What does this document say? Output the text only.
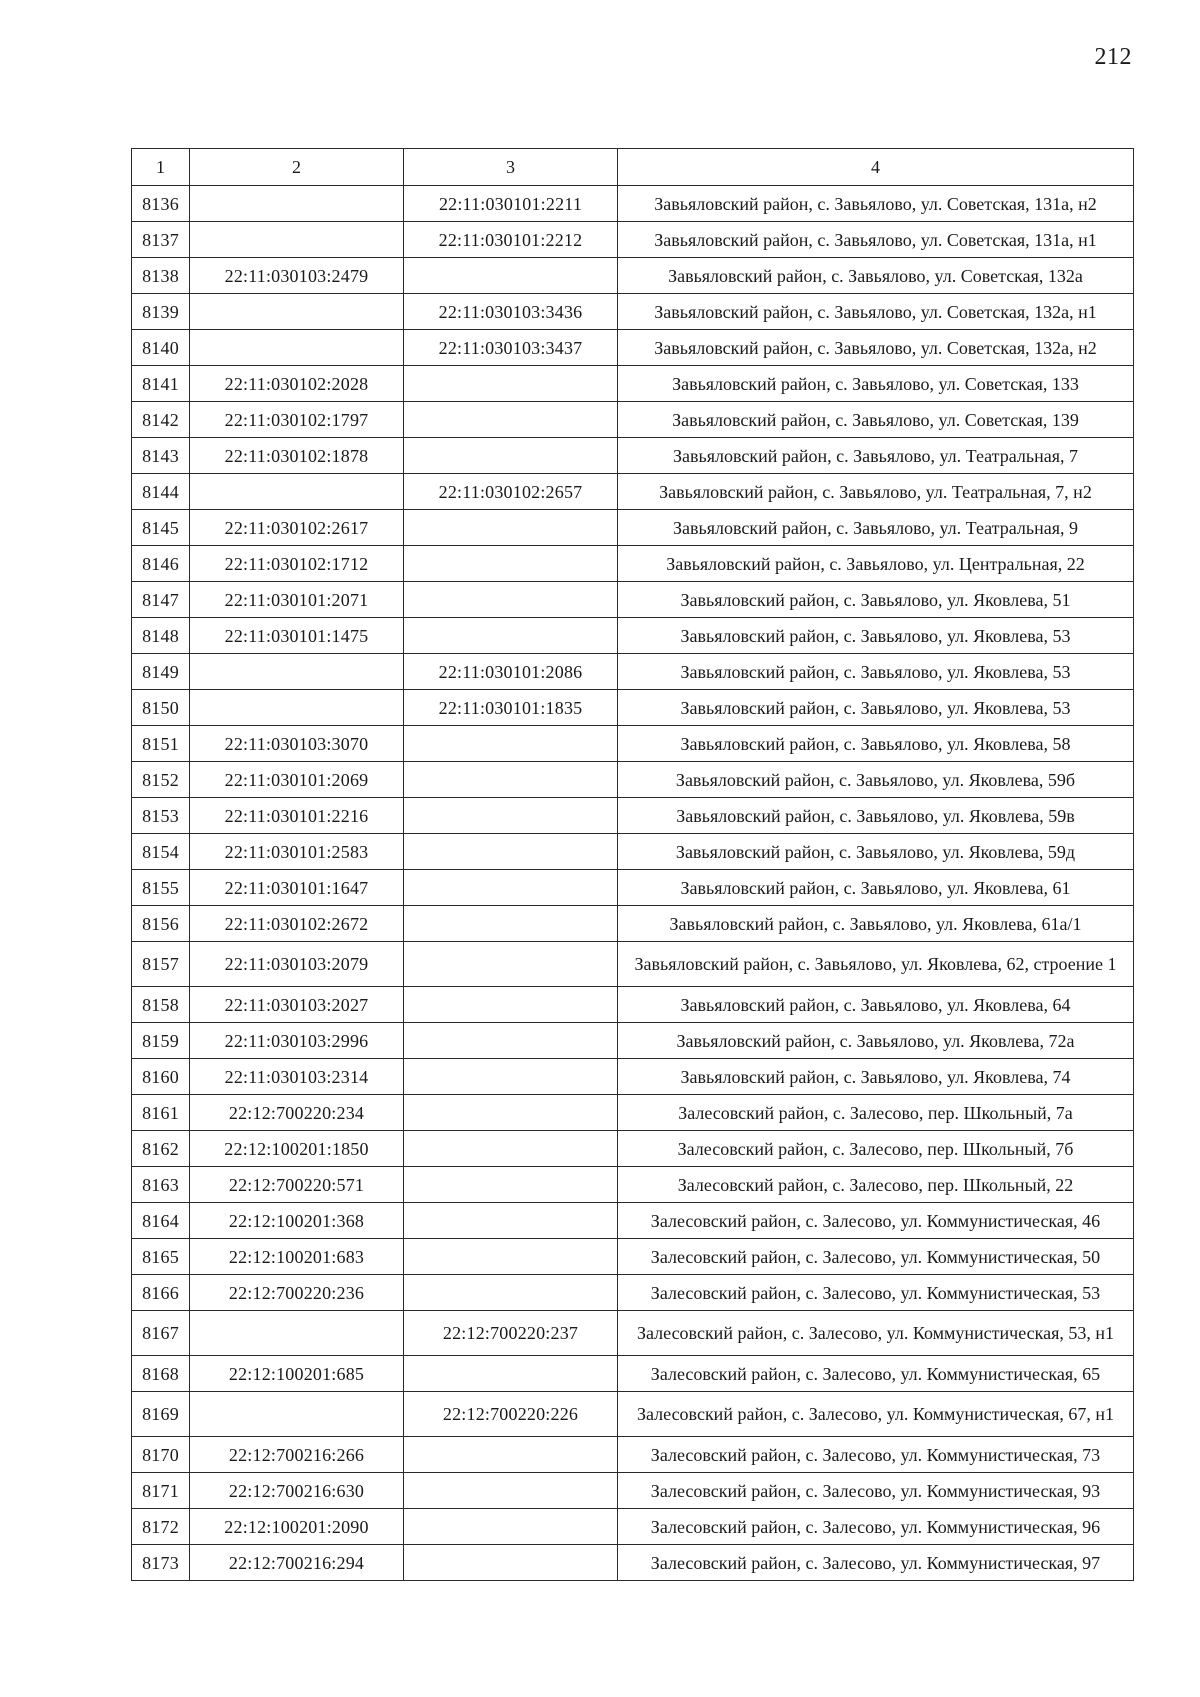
212
1	2	3	4
8136		22:11:030101:2211	Завьяловский район, с. Завьялово, ул. Советская, 131а, н2
8137		22:11:030101:2212	Завьяловский район, с. Завьялово, ул. Советская, 131а, н1
8138	22:11:030103:2479		Завьяловский район, с. Завьялово, ул. Советская, 132а
8139		22:11:030103:3436	Завьяловский район, с. Завьялово, ул. Советская, 132а, н1
8140		22:11:030103:3437	Завьяловский район, с. Завьялово, ул. Советская, 132а, н2
8141	22:11:030102:2028		Завьяловский район, с. Завьялово, ул. Советская, 133
8142	22:11:030102:1797		Завьяловский район, с. Завьялово, ул. Советская, 139
8143	22:11:030102:1878		Завьяловский район, с. Завьялово, ул. Театральная, 7
8144		22:11:030102:2657	Завьяловский район, с. Завьялово, ул. Театральная, 7, н2
8145	22:11:030102:2617		Завьяловский район, с. Завьялово, ул. Театральная, 9
8146	22:11:030102:1712		Завьяловский район, с. Завьялово, ул. Центральная, 22
8147	22:11:030101:2071		Завьяловский район, с. Завьялово, ул. Яковлева, 51
8148	22:11:030101:1475		Завьяловский район, с. Завьялово, ул. Яковлева, 53
8149		22:11:030101:2086	Завьяловский район, с. Завьялово, ул. Яковлева, 53
8150		22:11:030101:1835	Завьяловский район, с. Завьялово, ул. Яковлева, 53
8151	22:11:030103:3070		Завьяловский район, с. Завьялово, ул. Яковлева, 58
8152	22:11:030101:2069		Завьяловский район, с. Завьялово, ул. Яковлева, 59б
8153	22:11:030101:2216		Завьяловский район, с. Завьялово, ул. Яковлева, 59в
8154	22:11:030101:2583		Завьяловский район, с. Завьялово, ул. Яковлева, 59д
8155	22:11:030101:1647		Завьяловский район, с. Завьялово, ул. Яковлева, 61
8156	22:11:030102:2672		Завьяловский район, с. Завьялово, ул. Яковлева, 61а/1
8157	22:11:030103:2079		Завьяловский район, с. Завьялово, ул. Яковлева, 62, строение 1
8158	22:11:030103:2027		Завьяловский район, с. Завьялово, ул. Яковлева, 64
8159	22:11:030103:2996		Завьяловский район, с. Завьялово, ул. Яковлева, 72а
8160	22:11:030103:2314		Завьяловский район, с. Завьялово, ул. Яковлева, 74
8161	22:12:700220:234		Залесовский район, с. Залесово, пер. Школьный, 7а
8162	22:12:100201:1850		Залесовский район, с. Залесово, пер. Школьный, 7б
8163	22:12:700220:571		Залесовский район, с. Залесово, пер. Школьный, 22
8164	22:12:100201:368		Залесовский район, с. Залесово, ул. Коммунистическая, 46
8165	22:12:100201:683		Залесовский район, с. Залесово, ул. Коммунистическая, 50
8166	22:12:700220:236		Залесовский район, с. Залесово, ул. Коммунистическая, 53
8167		22:12:700220:237	Залесовский район, с. Залесово, ул. Коммунистическая, 53, н1
8168	22:12:100201:685		Залесовский район, с. Залесово, ул. Коммунистическая, 65
8169		22:12:700220:226	Залесовский район, с. Залесово, ул. Коммунистическая, 67, н1
8170	22:12:700216:266		Залесовский район, с. Залесово, ул. Коммунистическая, 73
8171	22:12:700216:630		Залесовский район, с. Залесово, ул. Коммунистическая, 93
8172	22:12:100201:2090		Залесовский район, с. Залесово, ул. Коммунистическая, 96
8173	22:12:700216:294		Залесовский район, с. Залесово, ул. Коммунистическая, 97
